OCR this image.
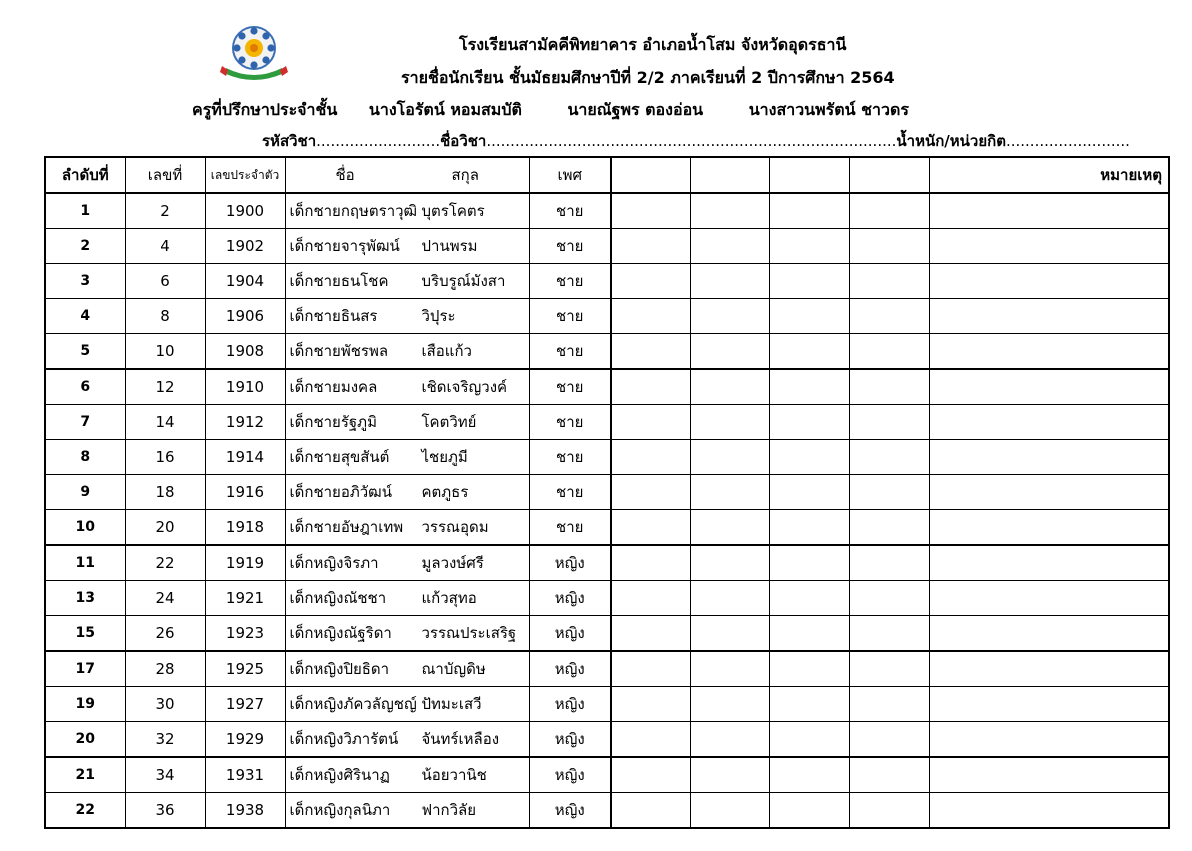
โรงเรียนสามัคคีพิทยาคาร อำเภอน้ำโสม จังหวัดอุดรธานี
รายชื่อนักเรียน ชั้นมัธยมศึกษาปีที่ 2/2 ภาคเรียนที่ 2 ปีการศึกษา 2564
ครูที่ปรึกษาประจำชั้น นางโอรัตน์ หอมสมบัติ	นายณัฐพร ตองอ่อน	นางสาวนพรัตน์ ชาวดร
รหัสวิชา..........................ชื่อวิชา......................................................................................น้ำหนัก/หน่วยกิต..........................
ลำดับที่	เลขที่	เลขประจำตัว	ชื่อ สกุล	เพศ					หมายเหตุ
1	2	1900	เด็กชายกฤษตราวุฒิ บุตรโคตร	ชาย					
2	4	1902	เด็กชายจารุพัฒน์ ปานพรม	ชาย					
3	6	1904	เด็กชายธนโชค บริบรูณ์มังสา	ชาย					
4	8	1906	เด็กชายธินสร วิปุระ	ชาย					
5	10	1908	เด็กชายพัชรพล เสือแก้ว	ชาย					
6	12	1910	เด็กชายมงคล เชิดเจริญวงค์	ชาย					
7	14	1912	เด็กชายรัฐภูมิ โคตวิทย์	ชาย					
8	16	1914	เด็กชายสุขสันต์ ไชยภูมี	ชาย					
9	18	1916	เด็กชายอภิวัฒน์ คตภูธร	ชาย					
10	20	1918	เด็กชายอัษฎาเทพ วรรณอุดม	ชาย					
11	22	1919	เด็กหญิงจิรภา มูลวงษ์ศรี	หญิง					
13	24	1921	เด็กหญิงณัชชา แก้วสุทอ	หญิง					
15	26	1923	เด็กหญิงณัฐริดา วรรณประเสริฐ	หญิง					
17	28	1925	เด็กหญิงปิยธิดา ณาบัญดิษ	หญิง					
19	30	1927	เด็กหญิงภัควลัญชญ์ ปัทมะเสวี	หญิง					
20	32	1929	เด็กหญิงวิภารัตน์ จันทร์เหลือง	หญิง					
21	34	1931	เด็กหญิงศิรินาฏ น้อยวานิช	หญิง					
22	36	1938	เด็กหญิงกุลนิภา ฟากวิลัย	หญิง					
